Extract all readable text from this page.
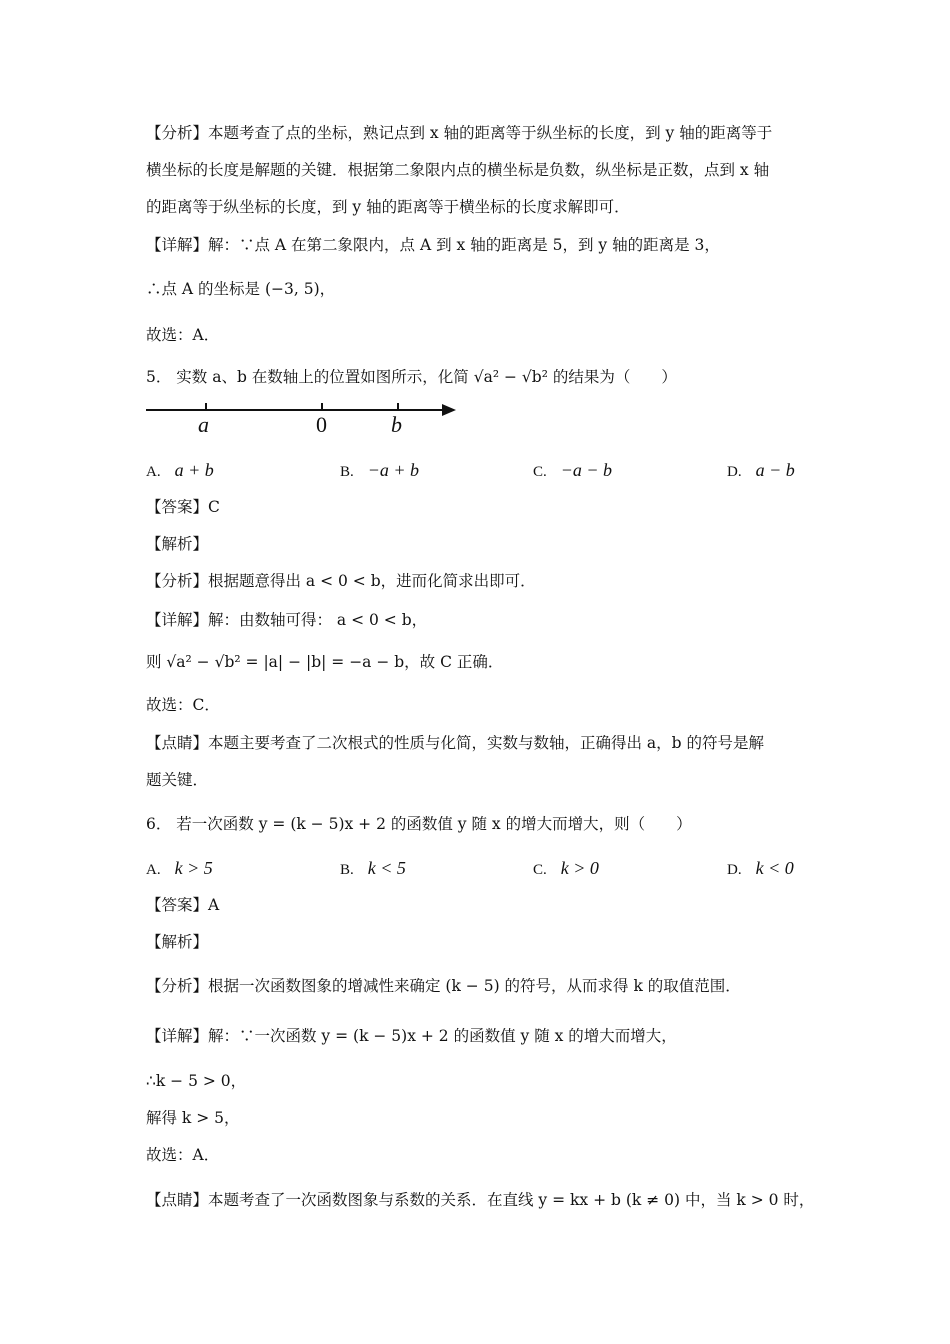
【分析】本题考查了点的坐标，熟记点到 x 轴的距离等于纵坐标的长度，到 y 轴的距离等于
横坐标的长度是解题的关键．根据第二象限内点的横坐标是负数，纵坐标是正数，点到 x 轴
的距离等于纵坐标的长度，到 y 轴的距离等于横坐标的长度求解即可．
【详解】解：∵点 A 在第二象限内，点 A 到 x 轴的距离是 5，到 y 轴的距离是 3，
∴点 A 的坐标是 (−3, 5)，
故选：A．
5． 实数 a、b 在数轴上的位置如图所示，化简 √a² − √b² 的结果为（　　）
a	0	b
A. a + b	B. −a + b	C. −a − b	D. a − b
【答案】C
【解析】
【分析】根据题意得出 a < 0 < b，进而化简求出即可．
【详解】解：由数轴可得： a < 0 < b，
则 √a² − √b² = |a| − |b| = −a − b，故 C 正确．
故选：C．
【点睛】本题主要考查了二次根式的性质与化简，实数与数轴，正确得出 a，b 的符号是解
题关键．
6． 若一次函数 y = (k − 5)x + 2 的函数值 y 随 x 的增大而增大，则（　　）
A. k > 5	B. k < 5	C. k > 0	D. k < 0
【答案】A
【解析】
【分析】根据一次函数图象的增减性来确定 (k − 5) 的符号，从而求得 k 的取值范围．
【详解】解：∵一次函数 y = (k − 5)x + 2 的函数值 y 随 x 的增大而增大，
∴k − 5 > 0，
解得 k > 5，
故选：A．
【点睛】本题考查了一次函数图象与系数的关系．在直线 y = kx + b (k ≠ 0) 中，当 k > 0 时，
